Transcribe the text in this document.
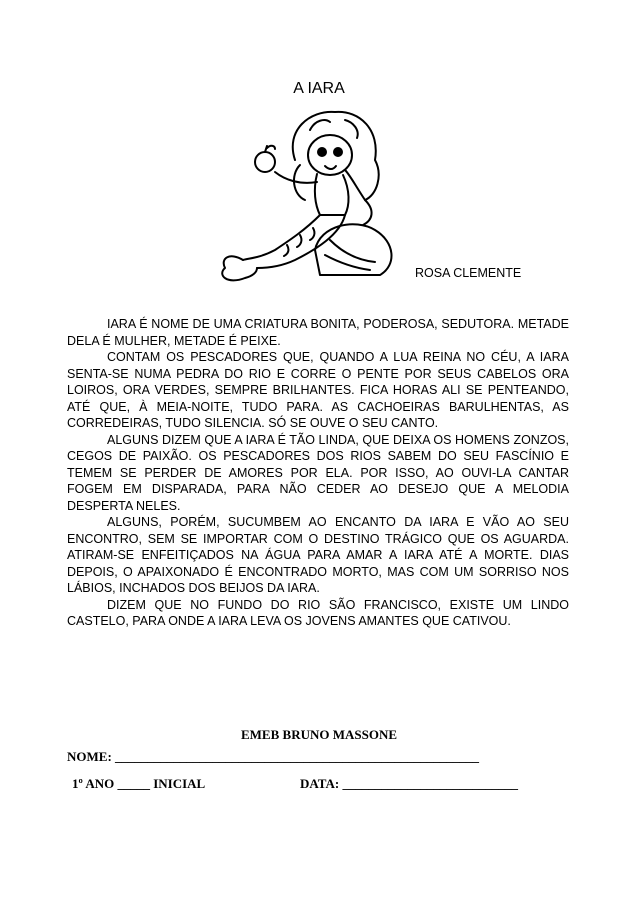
A IARA
ROSA CLEMENTE

IARA É NOME DE UMA CRIATURA BONITA, PODEROSA, SEDUTORA. METADE DELA É MULHER, METADE É PEIXE.

CONTAM OS PESCADORES QUE, QUANDO A LUA REINA NO CÉU, A IARA SENTA-SE NUMA PEDRA DO RIO E CORRE O PENTE POR SEUS CABELOS ORA LOIROS, ORA VERDES, SEMPRE BRILHANTES. FICA HORAS ALI SE PENTEANDO, ATÉ QUE, À MEIA-NOITE, TUDO PARA. AS CACHOEIRAS BARULHENTAS, AS CORREDEIRAS, TUDO SILENCIA. SÓ SE OUVE O SEU CANTO.

ALGUNS DIZEM QUE A IARA É TÃO LINDA, QUE DEIXA OS HOMENS ZONZOS, CEGOS DE PAIXÃO. OS PESCADORES DOS RIOS SABEM DO SEU FASCÍNIO E TEMEM SE PERDER DE AMORES POR ELA. POR ISSO, AO OUVI-LA CANTAR FOGEM EM DISPARADA, PARA NÃO CEDER AO DESEJO QUE A MELODIA DESPERTA NELES.

ALGUNS, PORÉM, SUCUMBEM AO ENCANTO DA IARA E VÃO AO SEU ENCONTRO, SEM SE IMPORTAR COM O DESTINO TRÁGICO QUE OS AGUARDA. ATIRAM-SE ENFEITIÇADOS NA ÁGUA PARA AMAR A IARA ATÉ A MORTE. DIAS DEPOIS, O APAIXONADO É ENCONTRADO MORTO, MAS COM UM SORRISO NOS LÁBIOS, INCHADOS DOS BEIJOS DA IARA.

DIZEM QUE NO FUNDO DO RIO SÃO FRANCISCO, EXISTE UM LINDO CASTELO, PARA ONDE A IARA LEVA OS JOVENS AMANTES QUE CATIVOU.

EMEB BRUNO MASSONE
NOME: ________________________________________________________
1º ANO _____ INICIAL	DATA: ___________________________
